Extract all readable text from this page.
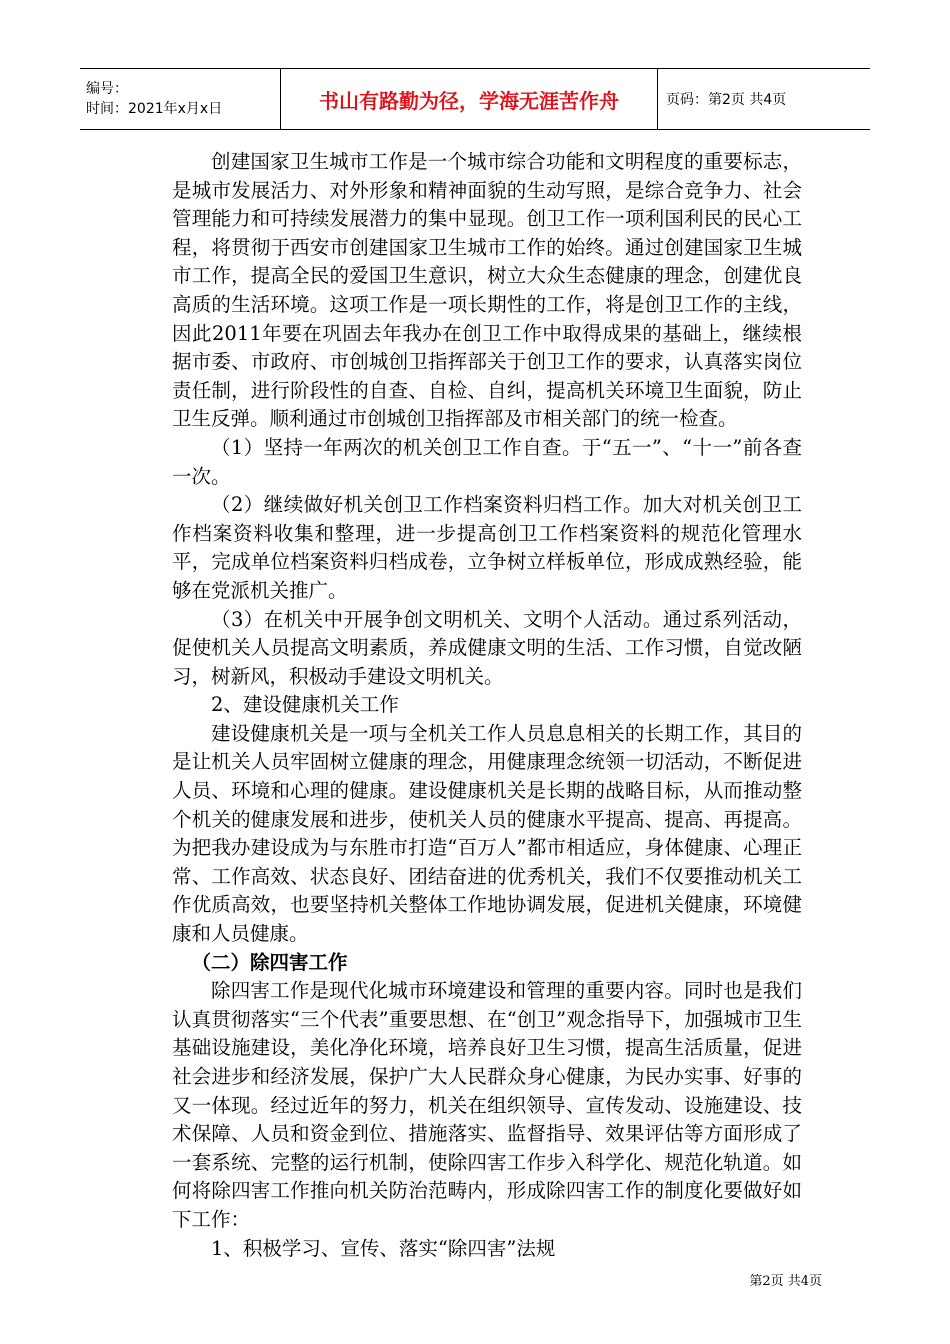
编号：
时间：2021年x月x日	书山有路勤为径，学海无涯苦作舟	页码：第2页 共4页

创建国家卫生城市工作是一个城市综合功能和文明程度的重要标志，是城市发展活力、对外形象和精神面貌的生动写照，是综合竞争力、社会管理能力和可持续发展潜力的集中显现。创卫工作一项利国利民的民心工程，将贯彻于西安市创建国家卫生城市工作的始终。通过创建国家卫生城市工作，提高全民的爱国卫生意识，树立大众生态健康的理念，创建优良高质的生活环境。这项工作是一项长期性的工作，将是创卫工作的主线，因此2011年要在巩固去年我办在创卫工作中取得成果的基础上，继续根据市委、市政府、市创城创卫指挥部关于创卫工作的要求，认真落实岗位责任制，进行阶段性的自查、自检、自纠，提高机关环境卫生面貌，防止卫生反弹。顺利通过市创城创卫指挥部及市相关部门的统一检查。

（1）坚持一年两次的机关创卫工作自查。于“五一”、“十一”前各查一次。

（2）继续做好机关创卫工作档案资料归档工作。加大对机关创卫工作档案资料收集和整理，进一步提高创卫工作档案资料的规范化管理水平，完成单位档案资料归档成卷，立争树立样板单位，形成成熟经验，能够在党派机关推广。

（3）在机关中开展争创文明机关、文明个人活动。通过系列活动，促使机关人员提高文明素质，养成健康文明的生活、工作习惯，自觉改陋习，树新风，积极动手建设文明机关。

2、建设健康机关工作

建设健康机关是一项与全机关工作人员息息相关的长期工作，其目的是让机关人员牢固树立健康的理念，用健康理念统领一切活动，不断促进人员、环境和心理的健康。建设健康机关是长期的战略目标，从而推动整个机关的健康发展和进步，使机关人员的健康水平提高、提高、再提高。为把我办建设成为与东胜市打造“百万人”都市相适应，身体健康、心理正常、工作高效、状态良好、团结奋进的优秀机关，我们不仅要推动机关工作优质高效，也要坚持机关整体工作地协调发展，促进机关健康，环境健康和人员健康。

（二）除四害工作

除四害工作是现代化城市环境建设和管理的重要内容。同时也是我们认真贯彻落实“三个代表”重要思想、在“创卫”观念指导下，加强城市卫生基础设施建设，美化净化环境，培养良好卫生习惯，提高生活质量，促进社会进步和经济发展，保护广大人民群众身心健康，为民办实事、好事的又一体现。经过近年的努力，机关在组织领导、宣传发动、设施建设、技术保障、人员和资金到位、措施落实、监督指导、效果评估等方面形成了一套系统、完整的运行机制，使除四害工作步入科学化、规范化轨道。如何将除四害工作推向机关防治范畴内，形成除四害工作的制度化要做好如下工作：

1、积极学习、宣传、落实“除四害”法规

第2页 共4页
